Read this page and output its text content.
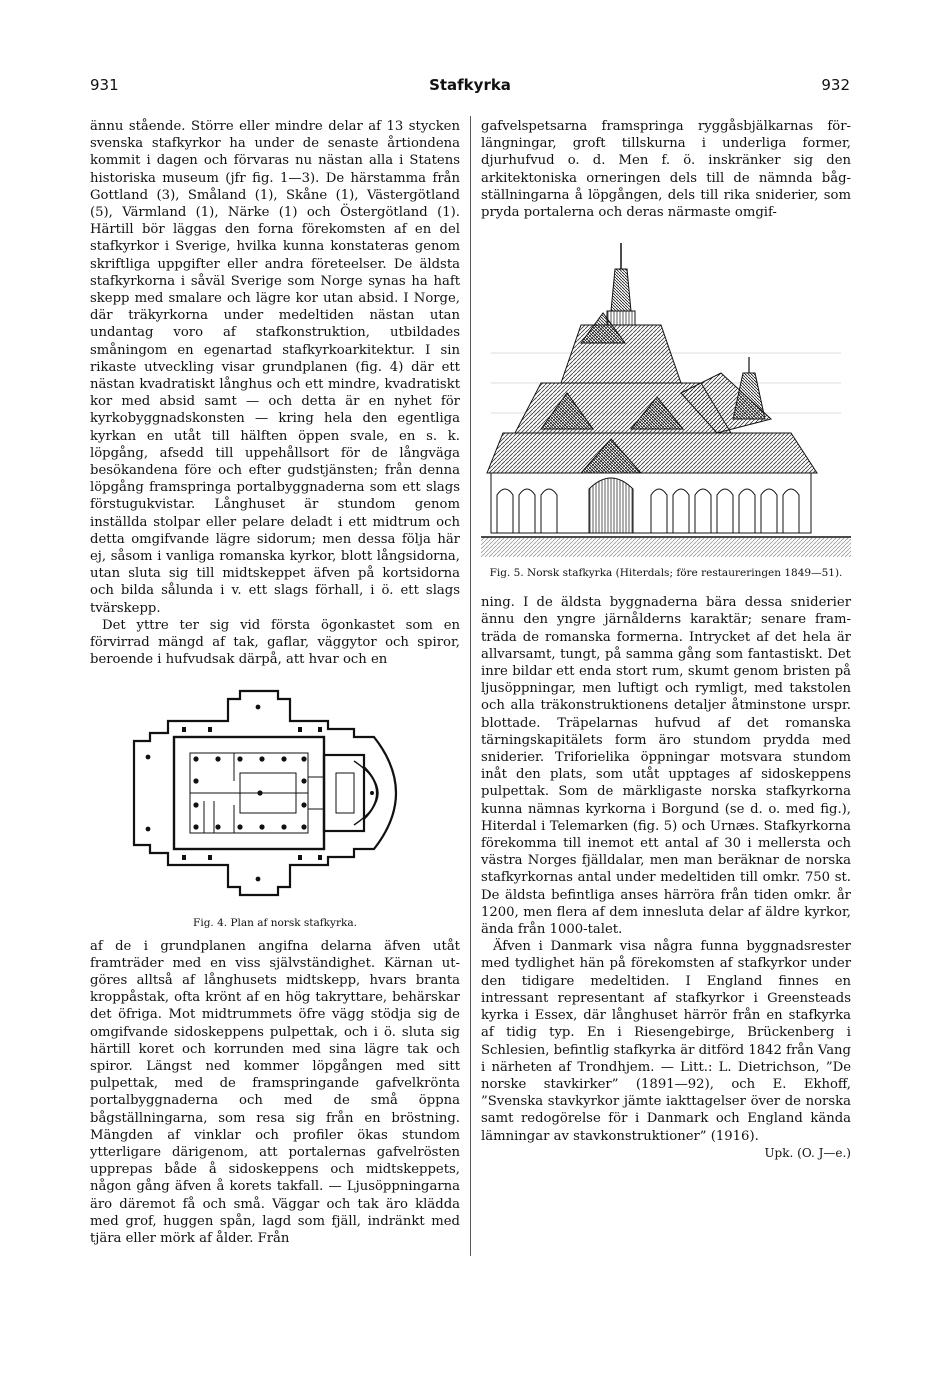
931	Stafkyrka	932

ännu stående. Större eller mindre delar af 13 stycken svenska stafkyrkor ha under de senaste årtiondena kommit i dagen och förvaras nu nästan alla i Statens historiska museum (jfr fig. 1—3). De härstamma från Gottland (3), Småland (1), Skåne (1), Västergötland (5), Värmland (1), Närke (1) och Östergötland (1). Härtill bör läggas den forna förekomsten af en del stafkyrkor i Sverige, hvilka kunna konstateras genom skriftliga uppgifter eller andra företeelser. De äldsta stafkyrkorna i såväl Sverige som Norge synas ha haft skepp med smalare och lägre kor utan absid. I Norge, där träkyrkorna under medeltiden nästan utan undantag voro af stafkonstruktion, utbildades småningom en egenartad stafkyrkoarkitektur. I sin rikaste utveckling visar grundplanen (fig. 4) där ett nästan kvadratiskt långhus och ett mindre, kvadratiskt kor med absid samt — och detta är en nyhet för kyrkobyggnadskonsten — kring hela den egentliga kyrkan en utåt till hälften öppen svale, en s. k. löpgång, afsedd till uppehållsort för de långväga besökandena före och efter gudstjänsten; från denna löpgång framspringa portalbyggnaderna som ett slags förstugukvistar. Långhuset är stundom genom inställda stolpar eller pelare deladt i ett midtrum och detta omgifvande lägre sidorum; men dessa följa här ej, såsom i vanliga romanska kyrkor, blott långsidorna, utan sluta sig till midtskeppet äfven på kortsidorna och bilda sålunda i v. ett slags förhall, i ö. ett slags tvärskepp.

Det yttre ter sig vid första ögonkastet som en förvirrad mängd af tak, gaflar, väggytor och spiror, beroende i hufvudsak därpå, att hvar och en

Fig. 4. Plan af norsk stafkyrka.

af de i grundplanen angifna delarna äfven utåt framträder med en viss självständighet. Kärnan utgöres alltså af långhusets midtskepp, hvars branta kroppåstak, ofta krönt af en hög takryttare, behärskar det öfriga. Mot midtrummets öfre vägg stödja sig de omgifvande sidoskeppens pulpettak, och i ö. sluta sig härtill koret och korrunden med sina lägre tak och spiror. Längst ned kommer löpgången med sitt pulpettak, med de framspringande gafvelkrönta portalbyggnaderna och med de små öppna bågställningarna, som resa sig från en bröstning. Mängden af vinklar och profiler ökas stundom ytterligare därigenom, att portalernas gafvelrösten upprepas både å sidoskeppens och midtskeppets, någon gång äfven å korets takfall. — Ljusöppningarna äro däremot få och små. Väggar och tak äro klädda med grof, huggen spån, lagd som fjäll, indränkt med tjära eller mörk af ålder. Från

gafvelspetsarna framspringa ryggåsbjälkarnas förlängningar, groft tillskurna i underliga former, djurhufvud o. d. Men f. ö. inskränker sig den arkitektoniska orneringen dels till de nämnda bågställningarna å löpgången, dels till rika sniderier, som pryda portalerna och deras närmaste omgif-

Fig. 5. Norsk stafkyrka (Hiterdals; före restaureringen 1849—51).

ning. I de äldsta byggnaderna bära dessa sniderier ännu den yngre järnålderns karaktär; senare framträda de romanska formerna. Intrycket af det hela är allvarsamt, tungt, på samma gång som fantastiskt. Det inre bildar ett enda stort rum, skumt genom bristen på ljusöppningar, men luftigt och rymligt, med takstolen och alla träkonstruktionens detaljer åtminstone urspr. blottade. Träpelarnas hufvud af det romanska tärningskapitälets form äro stundom prydda med sniderier. Triforielika öppningar motsvara stundom inåt den plats, som utåt upptages af sidoskeppens pulpettak. Som de märkligaste norska stafkyrkorna kunna nämnas kyrkorna i Borgund (se d. o. med fig.), Hiterdal i Telemarken (fig. 5) och Urnæs. Stafkyrkorna förekomma till inemot ett antal af 30 i mellersta och västra Norges fjälldalar, men man beräknar de norska stafkyrkornas antal under medeltiden till omkr. 750 st. De äldsta befintliga anses härröra från tiden omkr. år 1200, men flera af dem innesluta delar af äldre kyrkor, ända från 1000-talet.

Äfven i Danmark visa några funna byggnadsrester med tydlighet hän på förekomsten af stafkyrkor under den tidigare medeltiden. I England finnes en intressant representant af stafkyrkor i Greensteads kyrka i Essex, där långhuset härrör från en stafkyrka af tidig typ. En i Riesengebirge, Brückenberg i Schlesien, befintlig stafkyrka är ditförd 1842 från Vang i närheten af Trondhjem. — Litt.: L. Dietrichson, ”De norske stavkirker” (1891—92), och E. Ekhoff, ”Svenska stavkyrkor jämte iakttagelser över de norska samt redogörelse för i Danmark och England kända lämningar av stavkonstruktioner” (1916).

Upk. (O. J—e.)
